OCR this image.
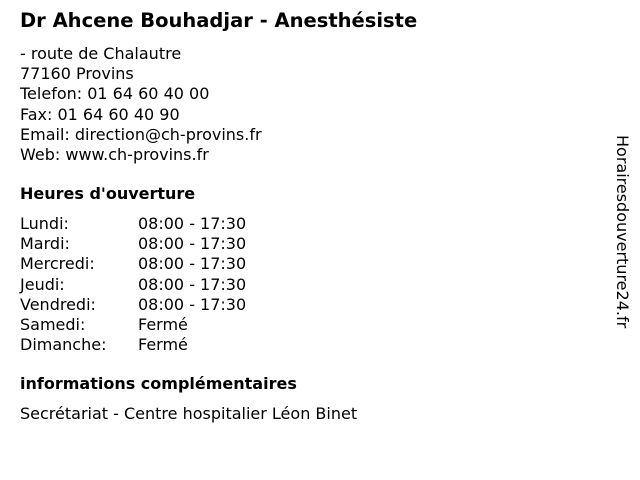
Dr Ahcene Bouhadjar - Anesthésiste
- route de Chalautre
77160 Provins
Telefon: 01 64 60 40 00
Fax: 01 64 60 40 90
Email: direction@ch-provins.fr
Web: www.ch-provins.fr
Heures d'ouverture
Lundi:	08:00 - 17:30
Mardi:	08:00 - 17:30
Mercredi:	08:00 - 17:30
Jeudi:	08:00 - 17:30
Vendredi:	08:00 - 17:30
Samedi:	Fermé
Dimanche:	Fermé
informations complémentaires
Secrétariat - Centre hospitalier Léon Binet
Horairesdouverture24.fr
